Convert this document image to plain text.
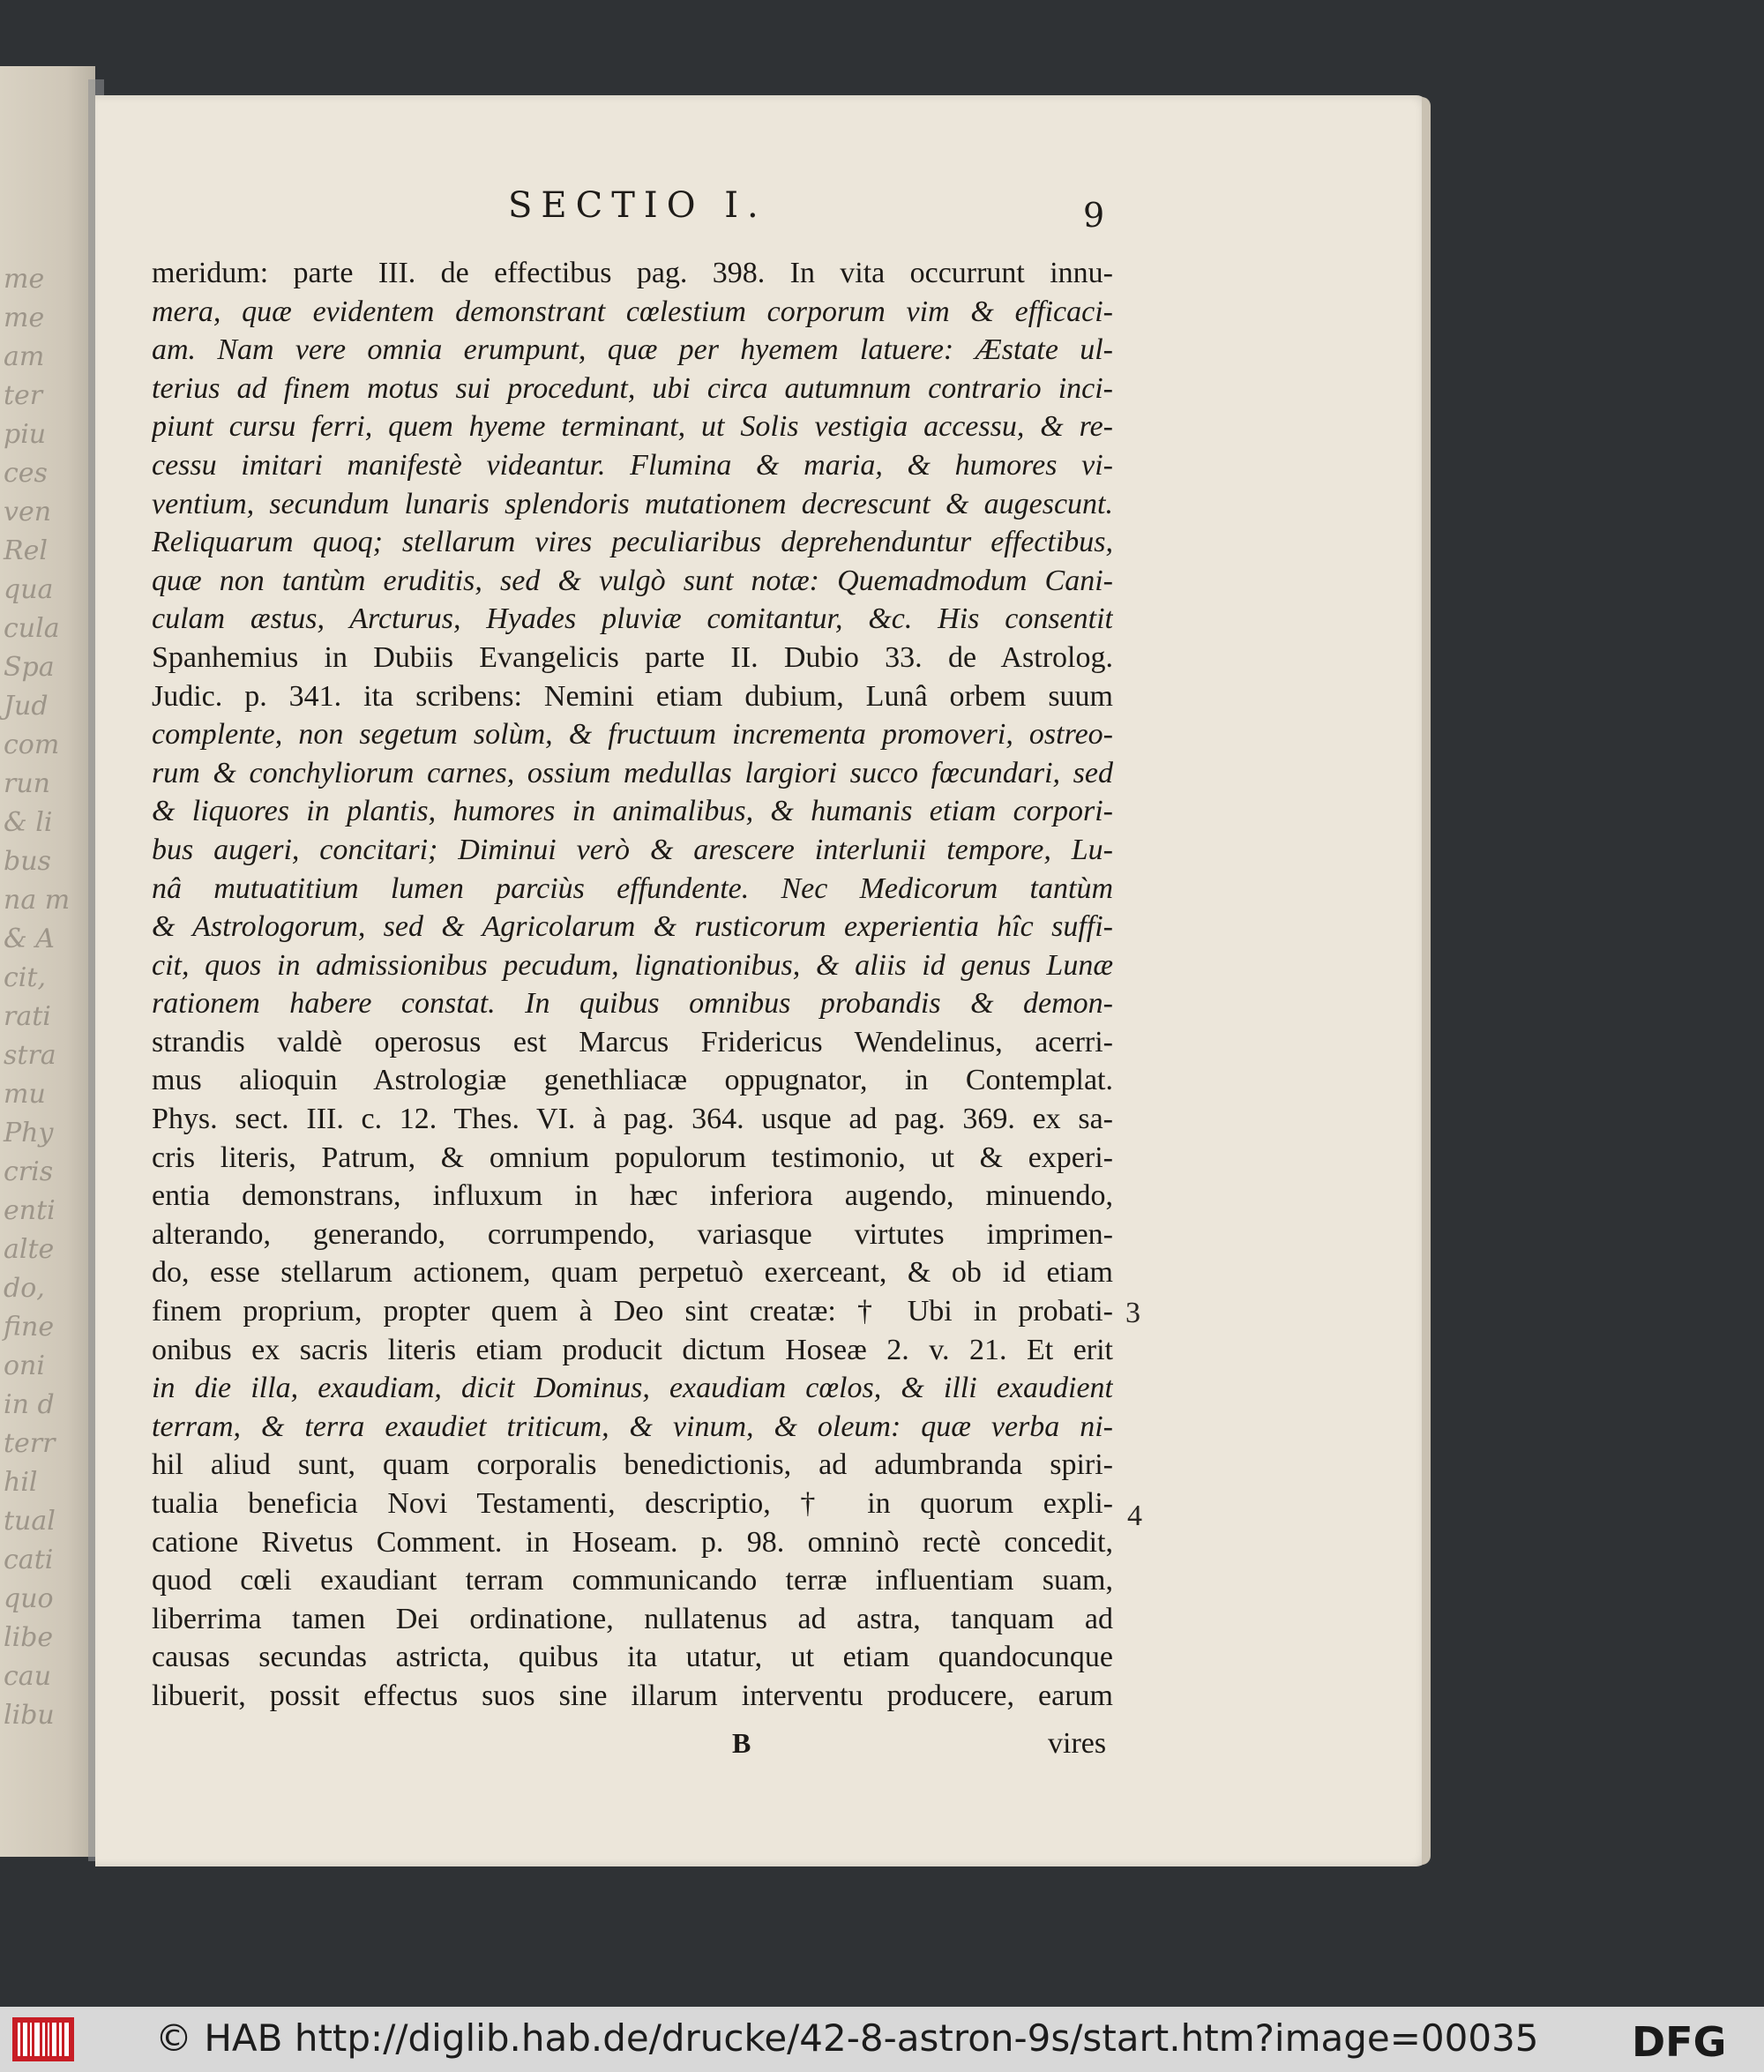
me
me
am
ter
piu
ces
ven
Rel
qua
cula
Spa
Jud
com
run
& li
bus
na m
& A
cit,
rati
stra
mu
Phy
cris
enti
alte
do,
fine
oni
in d
terr
hil
tual
cati
quo
libe
cau
libu
SECTIO I.	9
meridum: parte III. de effectibus pag. 398. In vita occurrunt innu-
mera, quæ evidentem demonstrant cœlestium corporum vim & efficaci-
am. Nam vere omnia erumpunt, quæ per hyemem latuere: Æstate ul-
terius ad finem motus sui procedunt, ubi circa autumnum contrario inci-
piunt cursu ferri, quem hyeme terminant, ut Solis vestigia accessu, & re-
cessu imitari manifestè videantur. Flumina & maria, & humores vi-
ventium, secundum lunaris splendoris mutationem decrescunt & augescunt.
Reliquarum quoq; stellarum vires peculiaribus deprehenduntur effectibus,
quæ non tantùm eruditis, sed & vulgò sunt notæ: Quemadmodum Cani-
culam æstus, Arcturus, Hyades pluviæ comitantur, &c. His consentit
Spanhemius in Dubiis Evangelicis parte II. Dubio 33. de Astrolog.
Judic. p. 341. ita scribens: Nemini etiam dubium, Lunâ orbem suum
complente, non segetum solùm, & fructuum incrementa promoveri, ostreo-
rum & conchyliorum carnes, ossium medullas largiori succo fœcundari, sed
& liquores in plantis, humores in animalibus, & humanis etiam corpori-
bus augeri, concitari; Diminui verò & arescere interlunii tempore, Lu-
nâ mutuatitium lumen parciùs effundente. Nec Medicorum tantùm
& Astrologorum, sed & Agricolarum & rusticorum experientia hîc suffi-
cit, quos in admissionibus pecudum, lignationibus, & aliis id genus Lunæ
rationem habere constat. In quibus omnibus probandis & demon-
strandis valdè operosus est Marcus Fridericus Wendelinus, acerri-
mus alioquin Astrologiæ genethliacæ oppugnator, in Contemplat.
Phys. sect. III. c. 12. Thes. VI. à pag. 364. usque ad pag. 369. ex sa-
cris literis, Patrum, & omnium populorum testimonio, ut & experi-
entia demonstrans, influxum in hæc inferiora augendo, minuendo,
alterando, generando, corrumpendo, variasque virtutes imprimen-
do, esse stellarum actionem, quam perpetuò exerceant, & ob id etiam
finem proprium, propter quem à Deo sint creatæ: † Ubi in probati-
onibus ex sacris literis etiam producit dictum Hoseæ 2. v. 21. Et erit
in die illa, exaudiam, dicit Dominus, exaudiam cœlos, & illi exaudient
terram, & terra exaudiet triticum, & vinum, & oleum: quæ verba ni-
hil aliud sunt, quam corporalis benedictionis, ad adumbranda spiri-
tualia beneficia Novi Testamenti, descriptio, † in quorum expli-
catione Rivetus Comment. in Hoseam. p. 98. omninò rectè concedit,
quod cœli exaudiant terram communicando terræ influentiam suam,
liberrima tamen Dei ordinatione, nullatenus ad astra, tanquam ad
causas secundas astricta, quibus ita utatur, ut etiam quandocunque
libuerit, possit effectus suos sine illarum interventu producere, earum
3
4
B	vires
© HAB http://diglib.hab.de/drucke/42-8-astron-9s/start.htm?image=00035 DFG
